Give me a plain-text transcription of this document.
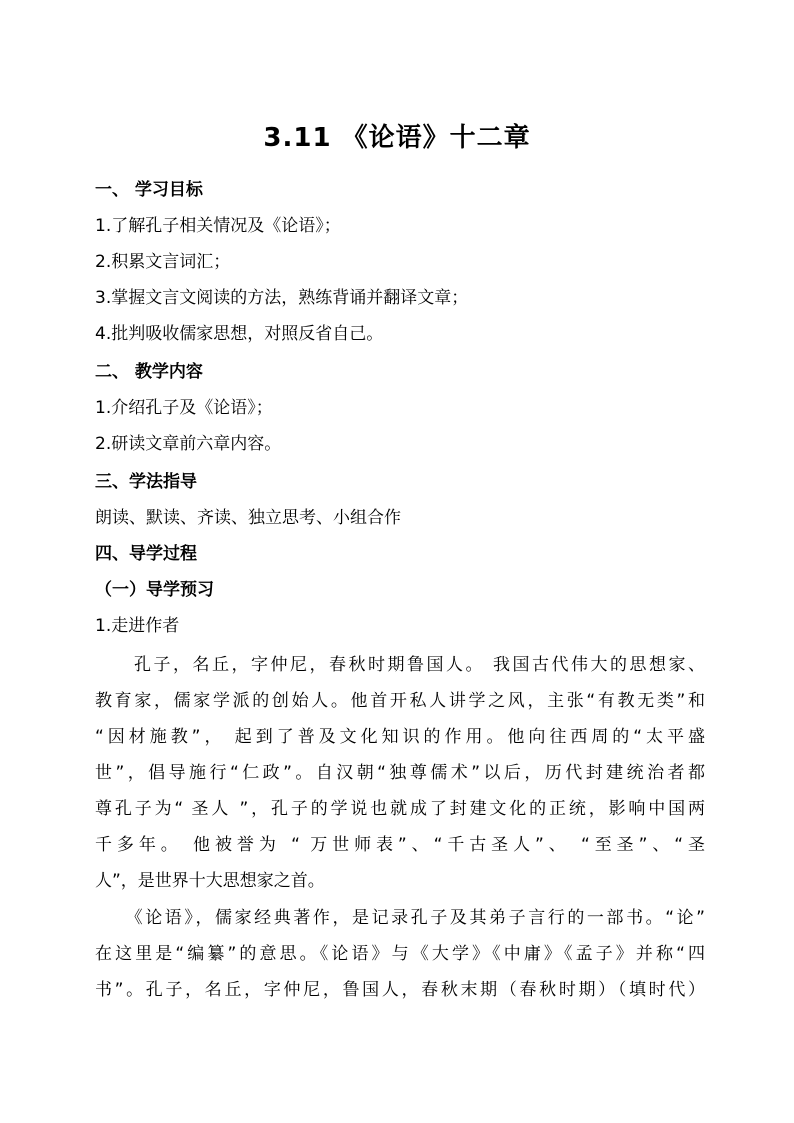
3.11 《论语》十二章
一、 学习目标
1.了解孔子相关情况及《论语》；
2.积累文言词汇；
3.掌握文言文阅读的方法，熟练背诵并翻译文章；
4.批判吸收儒家思想，对照反省自己。
二、 教学内容
1.介绍孔子及《论语》；
2.研读文章前六章内容。
三、学法指导
朗读、默读、齐读、独立思考、小组合作
四、导学过程
（一）导学预习
1.走进作者
　　孔子，名丘，字仲尼，春秋时期鲁国人。 我国古代伟大的思想家、
教育家，儒家学派的创始人。他首开私人讲学之风，主张“有教无类”和
“因材施教”， 起到了普及文化知识的作用。他向往西周的“太平盛
世”，倡导施行“仁政”。自汉朝“独尊儒术”以后，历代封建统治者都
尊孔子为“ 圣人 ”，孔子的学说也就成了封建文化的正统，影响中国两
千多年。 他被誉为 “ 万世师表”、“千古圣人”、 “至圣”、“圣
人”，是世界十大思想家之首。
　　《论语》，儒家经典著作，是记录孔子及其弟子言行的一部书。“论”
在这里是“编纂”的意思。《论语》与《大学》《中庸》《孟子》并称“四
书”。孔子，名丘，字仲尼，鲁国人，春秋末期（春秋时期）（填时代）
